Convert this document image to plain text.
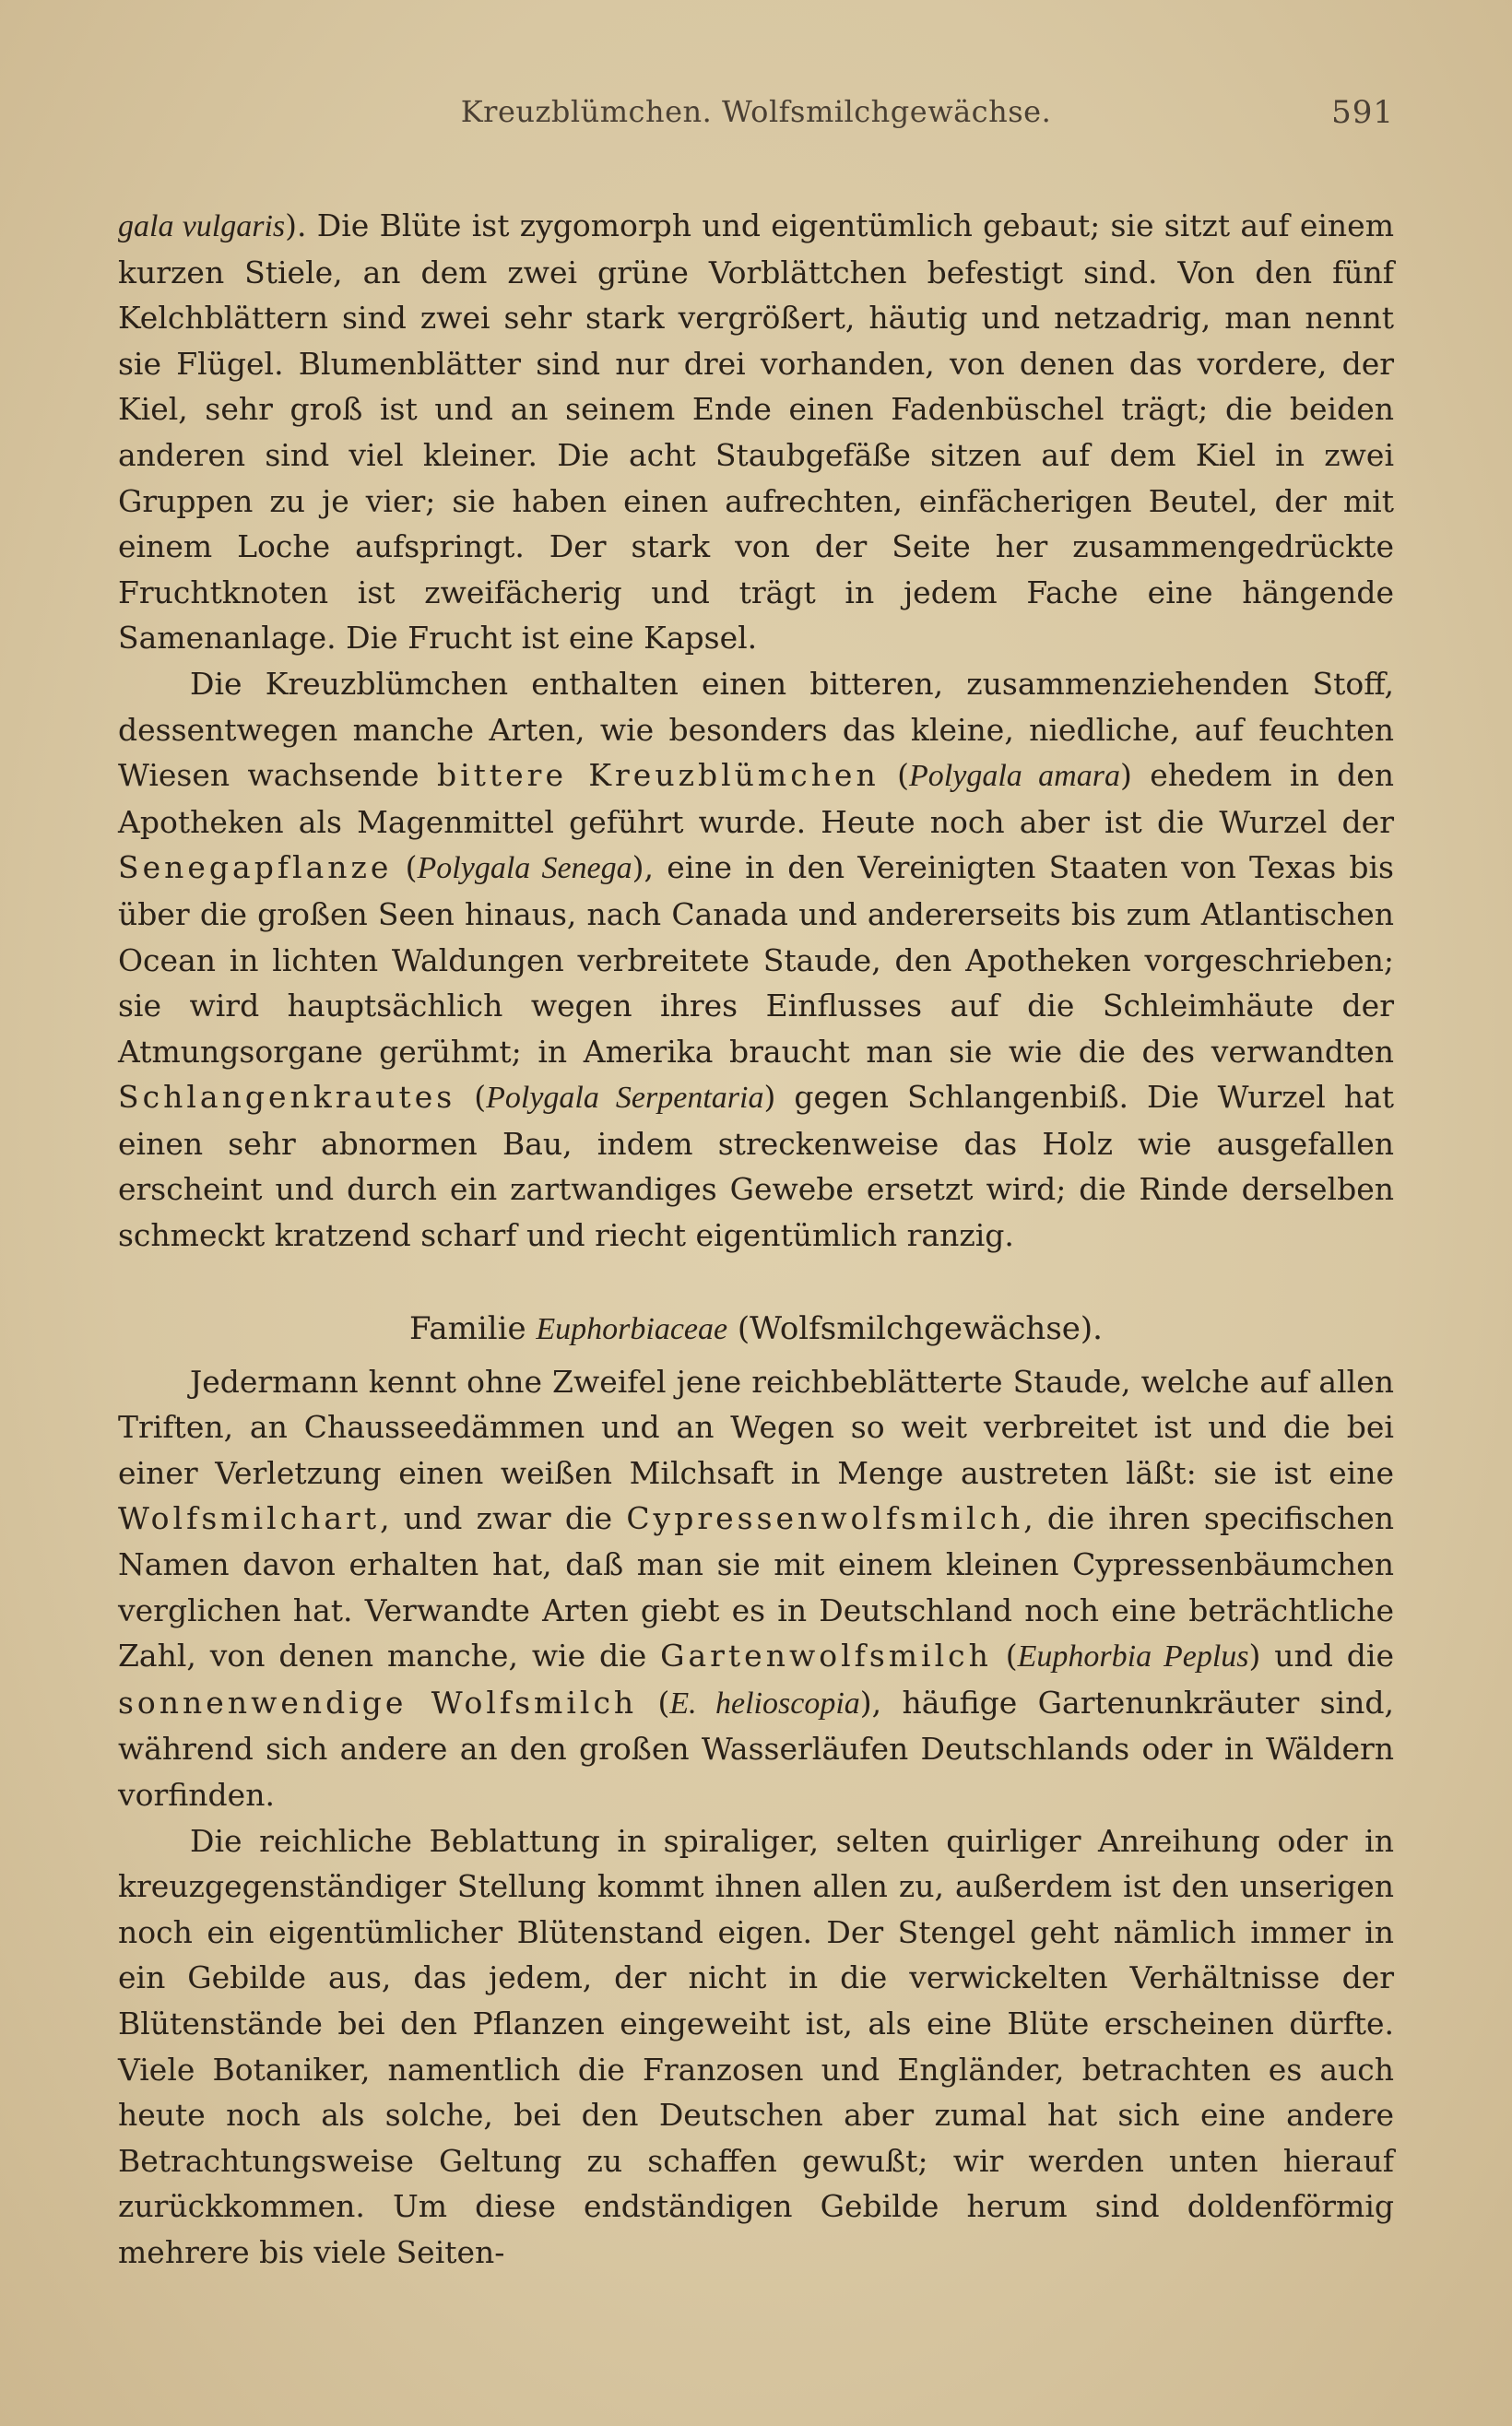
Kreuzblümchen. Wolfsmilchgewächse.	591

gala vulgaris). Die Blüte ist zygomorph und eigentümlich gebaut; sie sitzt auf einem kurzen Stiele, an dem zwei grüne Vorblättchen befestigt sind. Von den fünf Kelchblättern sind zwei sehr stark vergrößert, häutig und netzadrig, man nennt sie Flügel. Blumenblätter sind nur drei vorhanden, von denen das vordere, der Kiel, sehr groß ist und an seinem Ende einen Fadenbüschel trägt; die beiden anderen sind viel kleiner. Die acht Staubgefäße sitzen auf dem Kiel in zwei Gruppen zu je vier; sie haben einen aufrechten, einfächerigen Beutel, der mit einem Loche aufspringt. Der stark von der Seite her zusammengedrückte Fruchtknoten ist zweifächerig und trägt in jedem Fache eine hängende Samenanlage. Die Frucht ist eine Kapsel.

Die Kreuzblümchen enthalten einen bitteren, zusammenziehenden Stoff, dessentwegen manche Arten, wie besonders das kleine, niedliche, auf feuchten Wiesen wachsende bittere Kreuzblümchen (Polygala amara) ehedem in den Apotheken als Magenmittel geführt wurde. Heute noch aber ist die Wurzel der Senegapflanze (Polygala Senega), eine in den Vereinigten Staaten von Texas bis über die großen Seen hinaus, nach Canada und andererseits bis zum Atlantischen Ocean in lichten Waldungen verbreitete Staude, den Apotheken vorgeschrieben; sie wird hauptsächlich wegen ihres Einflusses auf die Schleimhäute der Atmungsorgane gerühmt; in Amerika braucht man sie wie die des verwandten Schlangenkrautes (Polygala Serpentaria) gegen Schlangenbiß. Die Wurzel hat einen sehr abnormen Bau, indem streckenweise das Holz wie ausgefallen erscheint und durch ein zartwandiges Gewebe ersetzt wird; die Rinde derselben schmeckt kratzend scharf und riecht eigentümlich ranzig.

Familie Euphorbiaceae (Wolfsmilchgewächse).

Jedermann kennt ohne Zweifel jene reichbeblätterte Staude, welche auf allen Triften, an Chausseedämmen und an Wegen so weit verbreitet ist und die bei einer Verletzung einen weißen Milchsaft in Menge austreten läßt: sie ist eine Wolfsmilchart, und zwar die Cypressenwolfsmilch, die ihren specifischen Namen davon erhalten hat, daß man sie mit einem kleinen Cypressenbäumchen verglichen hat. Verwandte Arten giebt es in Deutschland noch eine beträchtliche Zahl, von denen manche, wie die Gartenwolfsmilch (Euphorbia Peplus) und die sonnenwendige Wolfsmilch (E. helioscopia), häufige Gartenunkräuter sind, während sich andere an den großen Wasserläufen Deutschlands oder in Wäldern vorfinden.

Die reichliche Beblattung in spiraliger, selten quirliger Anreihung oder in kreuzgegenständiger Stellung kommt ihnen allen zu, außerdem ist den unserigen noch ein eigentümlicher Blütenstand eigen. Der Stengel geht nämlich immer in ein Gebilde aus, das jedem, der nicht in die verwickelten Verhältnisse der Blütenstände bei den Pflanzen eingeweiht ist, als eine Blüte erscheinen dürfte. Viele Botaniker, namentlich die Franzosen und Engländer, betrachten es auch heute noch als solche, bei den Deutschen aber zumal hat sich eine andere Betrachtungsweise Geltung zu schaffen gewußt; wir werden unten hierauf zurückkommen. Um diese endständigen Gebilde herum sind doldenförmig mehrere bis viele Seiten-
